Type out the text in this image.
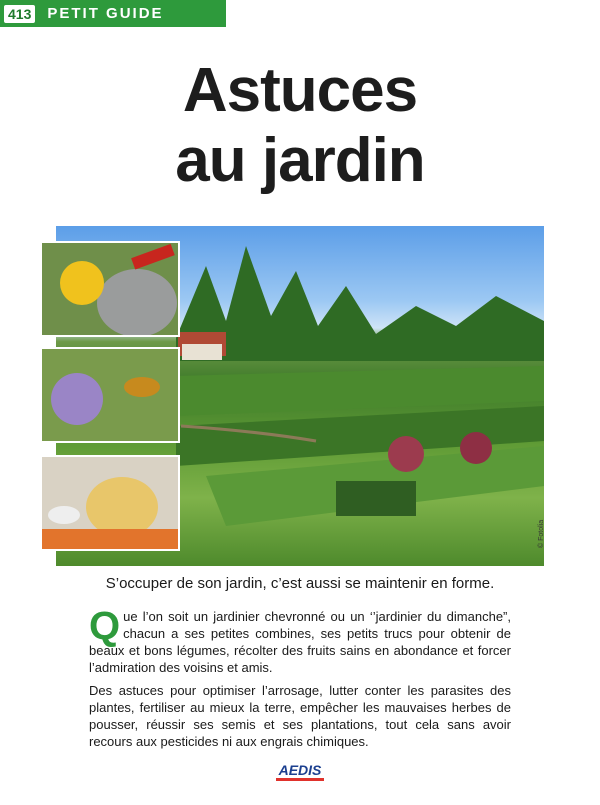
413 PETIT GUIDE
Astuces
au jardin
© Fotolia
S’occuper de son jardin, c’est aussi se maintenir en forme.

Que l’on soit un jardinier chevronné ou un ‘’jardinier du dimanche”, chacun a ses petites combines, ses petits trucs pour obtenir de beaux et bons légumes, récolter des fruits sains en abondance et forcer l’admiration des voisins et amis.

Des astuces pour optimiser l’arrosage, lutter conter les parasites des plantes, fertiliser au mieux la terre, empêcher les mauvaises herbes de pousser, réussir ses semis et ses plantations, tout cela sans avoir recours aux pesticides ni aux engrais chimiques.

AEDIS
